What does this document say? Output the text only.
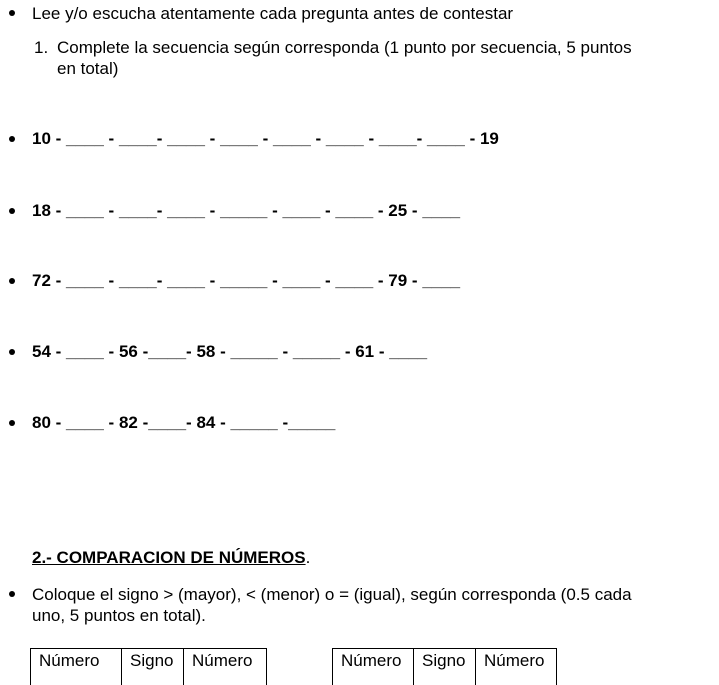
Lee y/o escucha atentamente cada pregunta antes de contestar
1. Complete la secuencia según corresponda (1 punto por secuencia, 5 puntos
en total)
10 - ____ - ____- ____ - ____ - ____ - ____ - ____- ____ - 19
18 - ____ - ____- ____ - _____ - ____ - ____ - 25 - ____
72 - ____ - ____- ____ - _____ - ____ - ____ - 79 - ____
54 - ____ - 56 -____- 58 - _____ - _____ - 61 - ____
80 - ____ - 82 -____- 84 - _____ -_____
2.- COMPARACION DE NÚMEROS.
Coloque el signo > (mayor), < (menor) o = (igual), según corresponda (0.5 cada
uno, 5 puntos en total).
Número	Signo	Número	Número	Signo	Número
